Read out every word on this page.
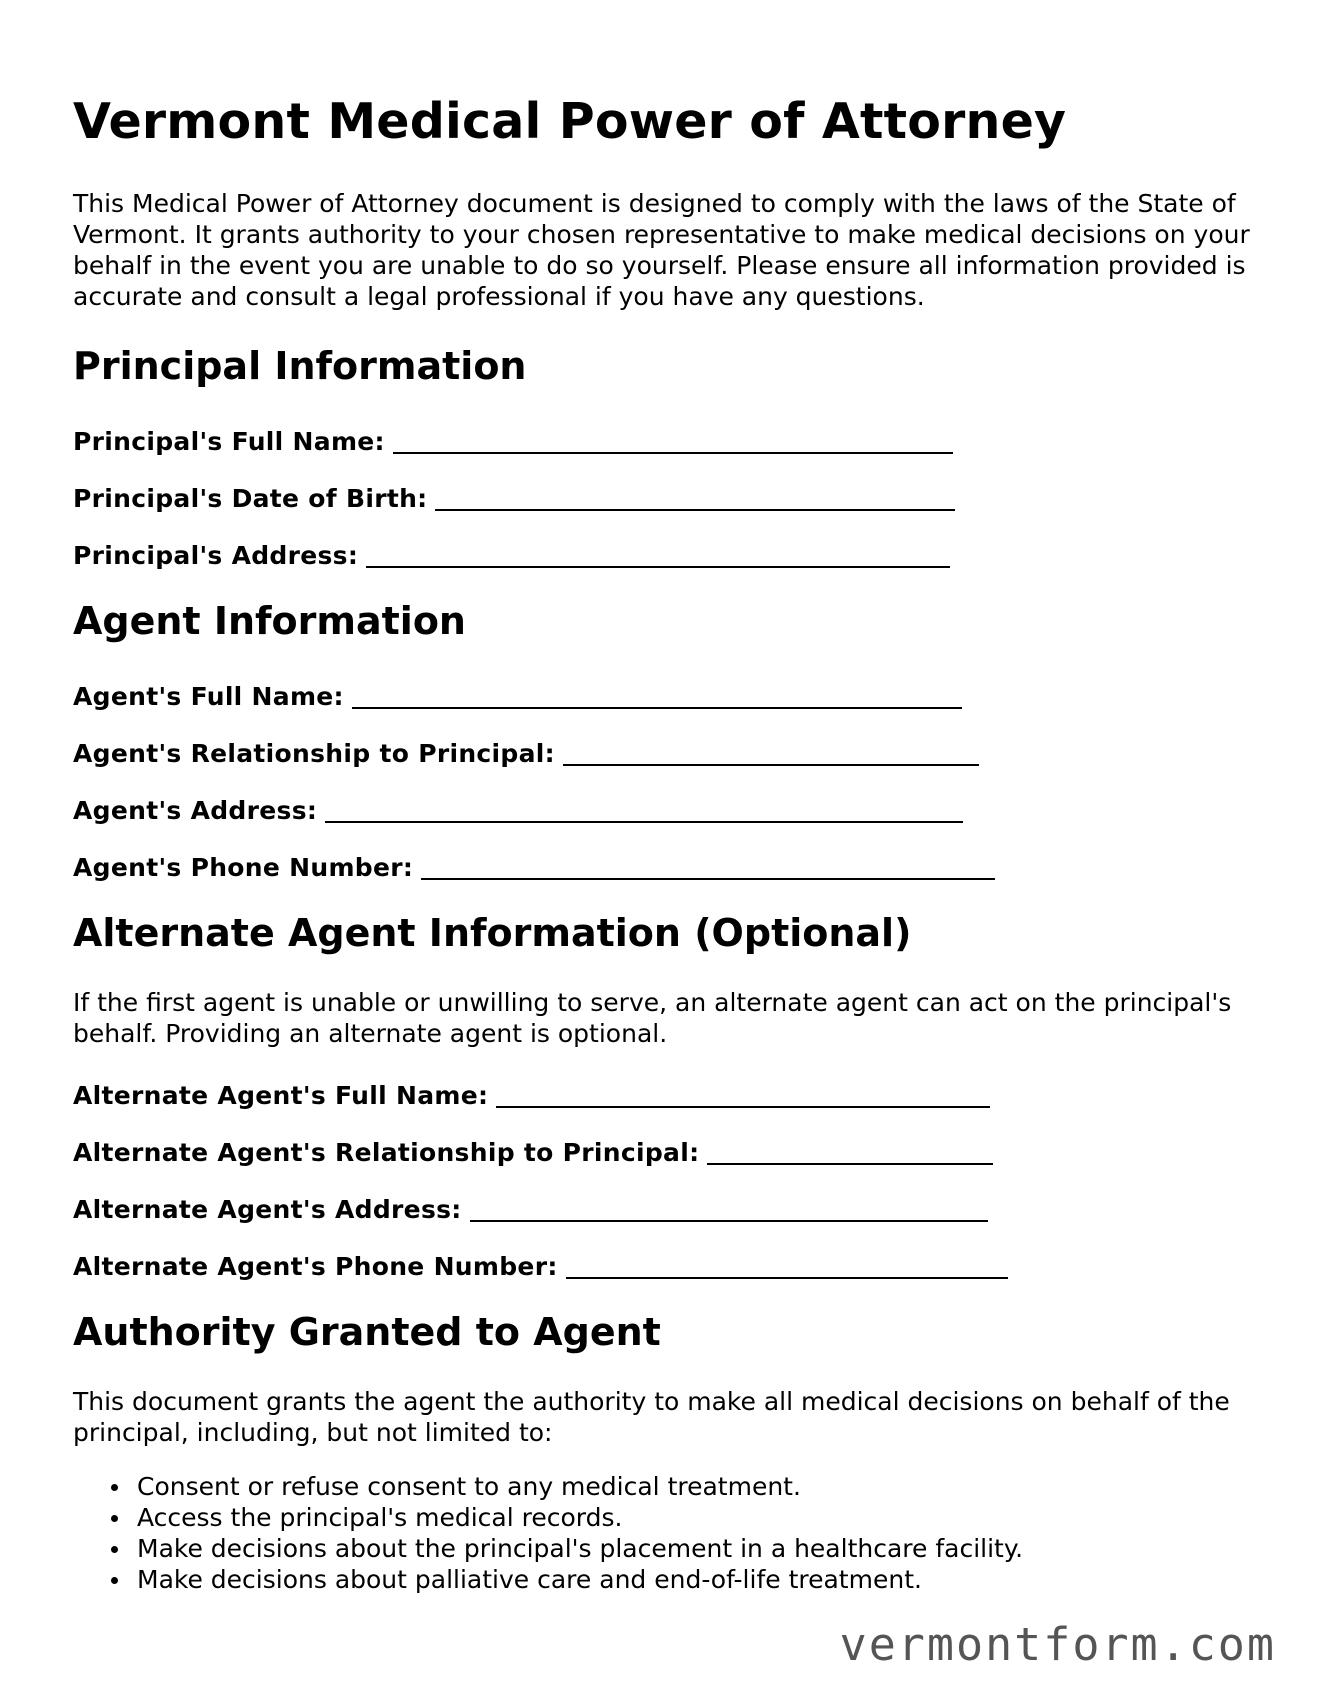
Vermont Medical Power of Attorney

This Medical Power of Attorney document is designed to comply with the laws of the State of Vermont. It grants authority to your chosen representative to make medical decisions on your behalf in the event you are unable to do so yourself. Please ensure all information provided is accurate and consult a legal professional if you have any questions.

Principal Information
Principal's Full Name:
Principal's Date of Birth:
Principal's Address:
Agent Information
Agent's Full Name:
Agent's Relationship to Principal:
Agent's Address:
Agent's Phone Number:
Alternate Agent Information (Optional)

If the first agent is unable or unwilling to serve, an alternate agent can act on the principal's behalf. Providing an alternate agent is optional.

Alternate Agent's Full Name:
Alternate Agent's Relationship to Principal:
Alternate Agent's Address:
Alternate Agent's Phone Number:
Authority Granted to Agent

This document grants the agent the authority to make all medical decisions on behalf of the principal, including, but not limited to:

Consent or refuse consent to any medical treatment.
Access the principal's medical records.
Make decisions about the principal's placement in a healthcare facility.
Make decisions about palliative care and end-of-life treatment.
vermontform.com
